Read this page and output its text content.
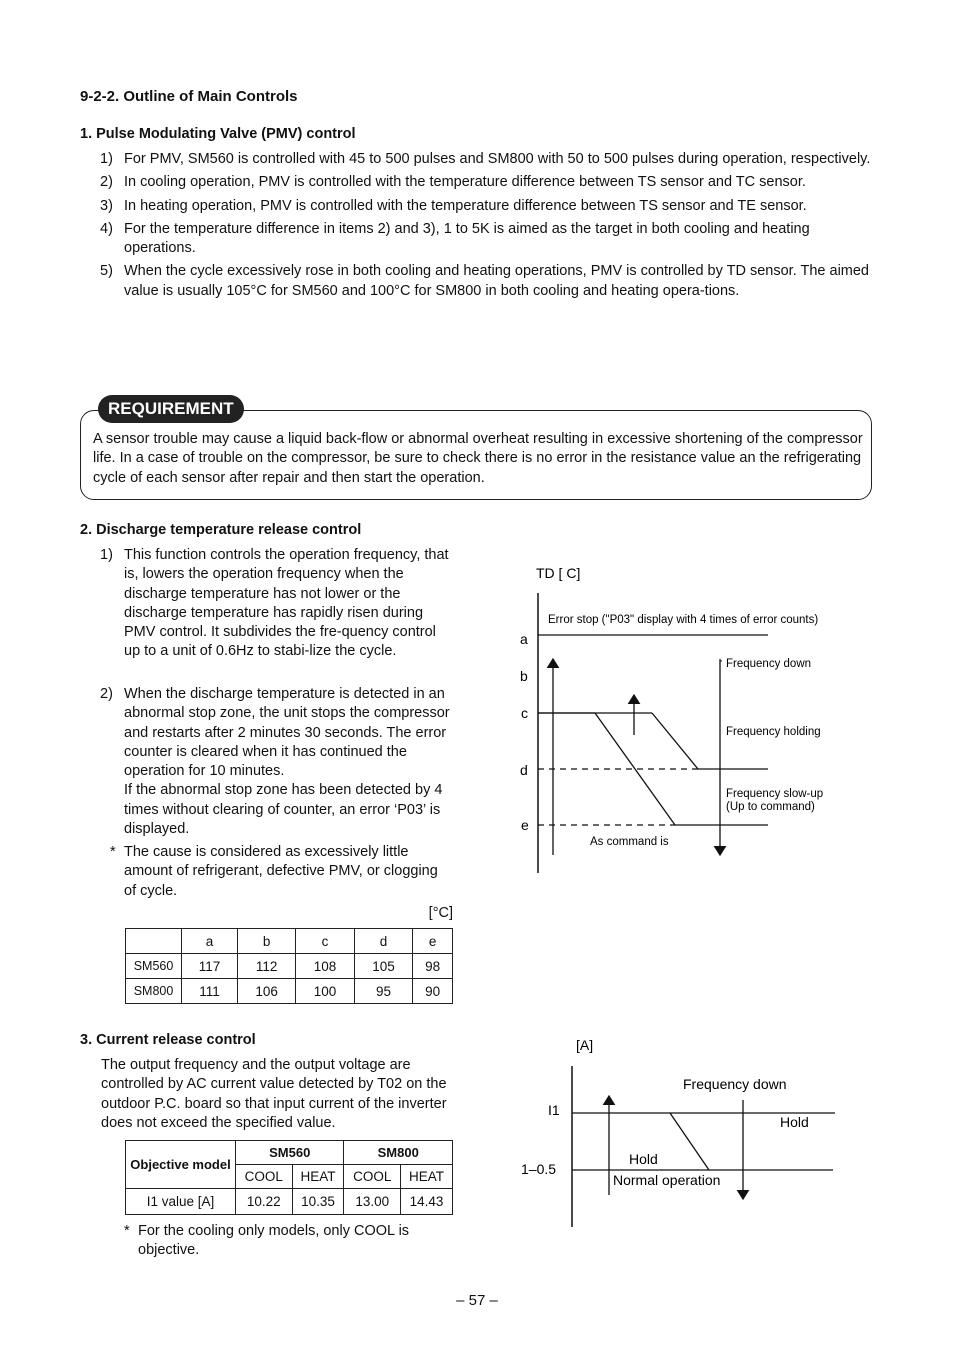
9-2-2. Outline of Main Controls
1. Pulse Modulating Valve (PMV) control
1) For PMV, SM560 is controlled with 45 to 500 pulses and SM800 with 50 to 500 pulses during operation, respectively.
2) In cooling operation, PMV is controlled with the temperature difference between TS sensor and TC sensor.
3) In heating operation, PMV is controlled with the temperature difference between TS sensor and TE sensor.
4) For the temperature difference in items 2) and 3), 1 to 5K is aimed as the target in both cooling and heating operations.
5) When the cycle excessively rose in both cooling and heating operations, PMV is controlled by TD sensor. The aimed value is usually 105°C for SM560 and 100°C for SM800 in both cooling and heating opera-tions.
REQUIREMENT
A sensor trouble may cause a liquid back-flow or abnormal overheat resulting in excessive shortening of the compressor life. In a case of trouble on the compressor, be sure to check there is no error in the resistance value an the refrigerating cycle of each sensor after repair and then start the operation.
2. Discharge temperature release control
1) This function controls the operation frequency, that is, lowers the operation frequency when the discharge temperature has not lower or the discharge temperature has rapidly risen during PMV control. It subdivides the fre-quency control up to a unit of 0.6Hz to stabi-lize the cycle.
2) When the discharge temperature is detected in an abnormal stop zone, the unit stops the compressor and restarts after 2 minutes 30 seconds. The error counter is cleared when it has continued the operation for 10 minutes.
If the abnormal stop zone has been detected by 4 times without clearing of counter, an error ‘P03’ is displayed.
* The cause is considered as excessively little amount of refrigerant, defective PMV, or clogging of cycle.
[°C]
	a	b	c	d	e
SM560	117	112	108	105	98
SM800	111	106	100	95	90
TD [ C]
a
b
c
d
e
Error stop ("P03" display with 4 times of error counts)
Frequency down
Frequency holding
Frequency slow-up
(Up to command)
As command is
3. Current release control
The output frequency and the output voltage are controlled by AC current value detected by T02 on the outdoor P.C. board so that input current of the inverter does not exceed the specified value.
Objective model	SM560		SM800	
	COOL	HEAT	COOL	HEAT
I1 value [A]	10.22	10.35	13.00	14.43
* For the cooling only models, only COOL is objective.
[A]
I1
1–0.5
Frequency down
Hold
Hold
Normal operation
– 57 –
